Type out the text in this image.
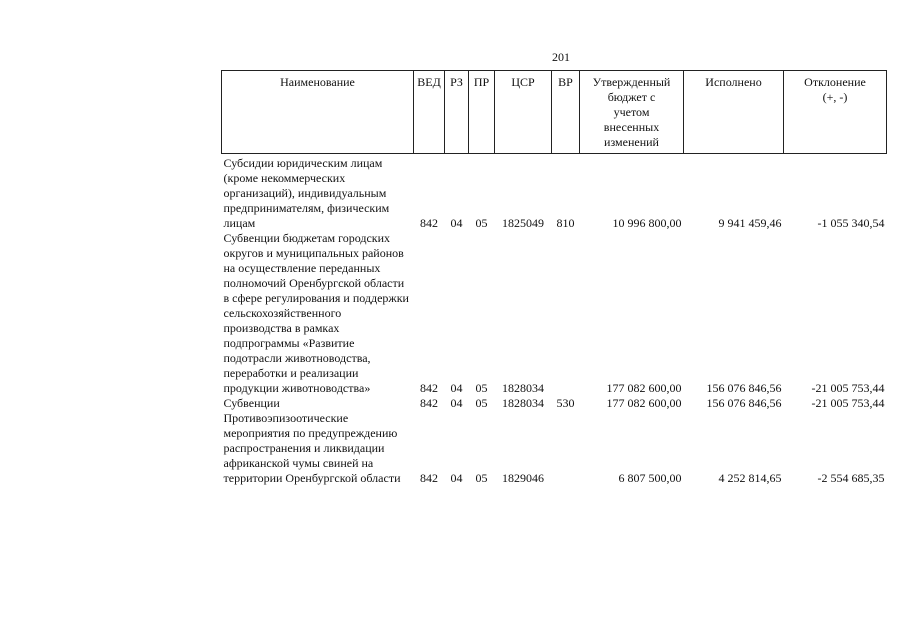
201
Наименование	ВЕД	РЗ	ПР	ЦСР	ВР	Утвержденный бюджет с учетом внесенных изменений	Исполнено	Отклонение (+, -)

Субсидии юридическим лицам (кроме некоммерческих организаций), индивидуальным предпринимателям, физическим лицам	842	04	05	1825049	810	10 996 800,00	9 941 459,46	-1 055 340,54
Субвенции бюджетам городских округов и муниципальных районов на осуществление переданных полномочий Оренбургской области в сфере регулирования и поддержки сельскохозяйственного производства в рамках подпрограммы «Развитие подотрасли животноводства, переработки и реализации продукции животноводства»	842	04	05	1828034		177 082 600,00	156 076 846,56	-21 005 753,44
Субвенции	842	04	05	1828034	530	177 082 600,00	156 076 846,56	-21 005 753,44
Противоэпизоотические мероприятия по предупреждению распространения и ликвидации африканской чумы свиней на территории Оренбургской области	842	04	05	1829046		6 807 500,00	4 252 814,65	-2 554 685,35
